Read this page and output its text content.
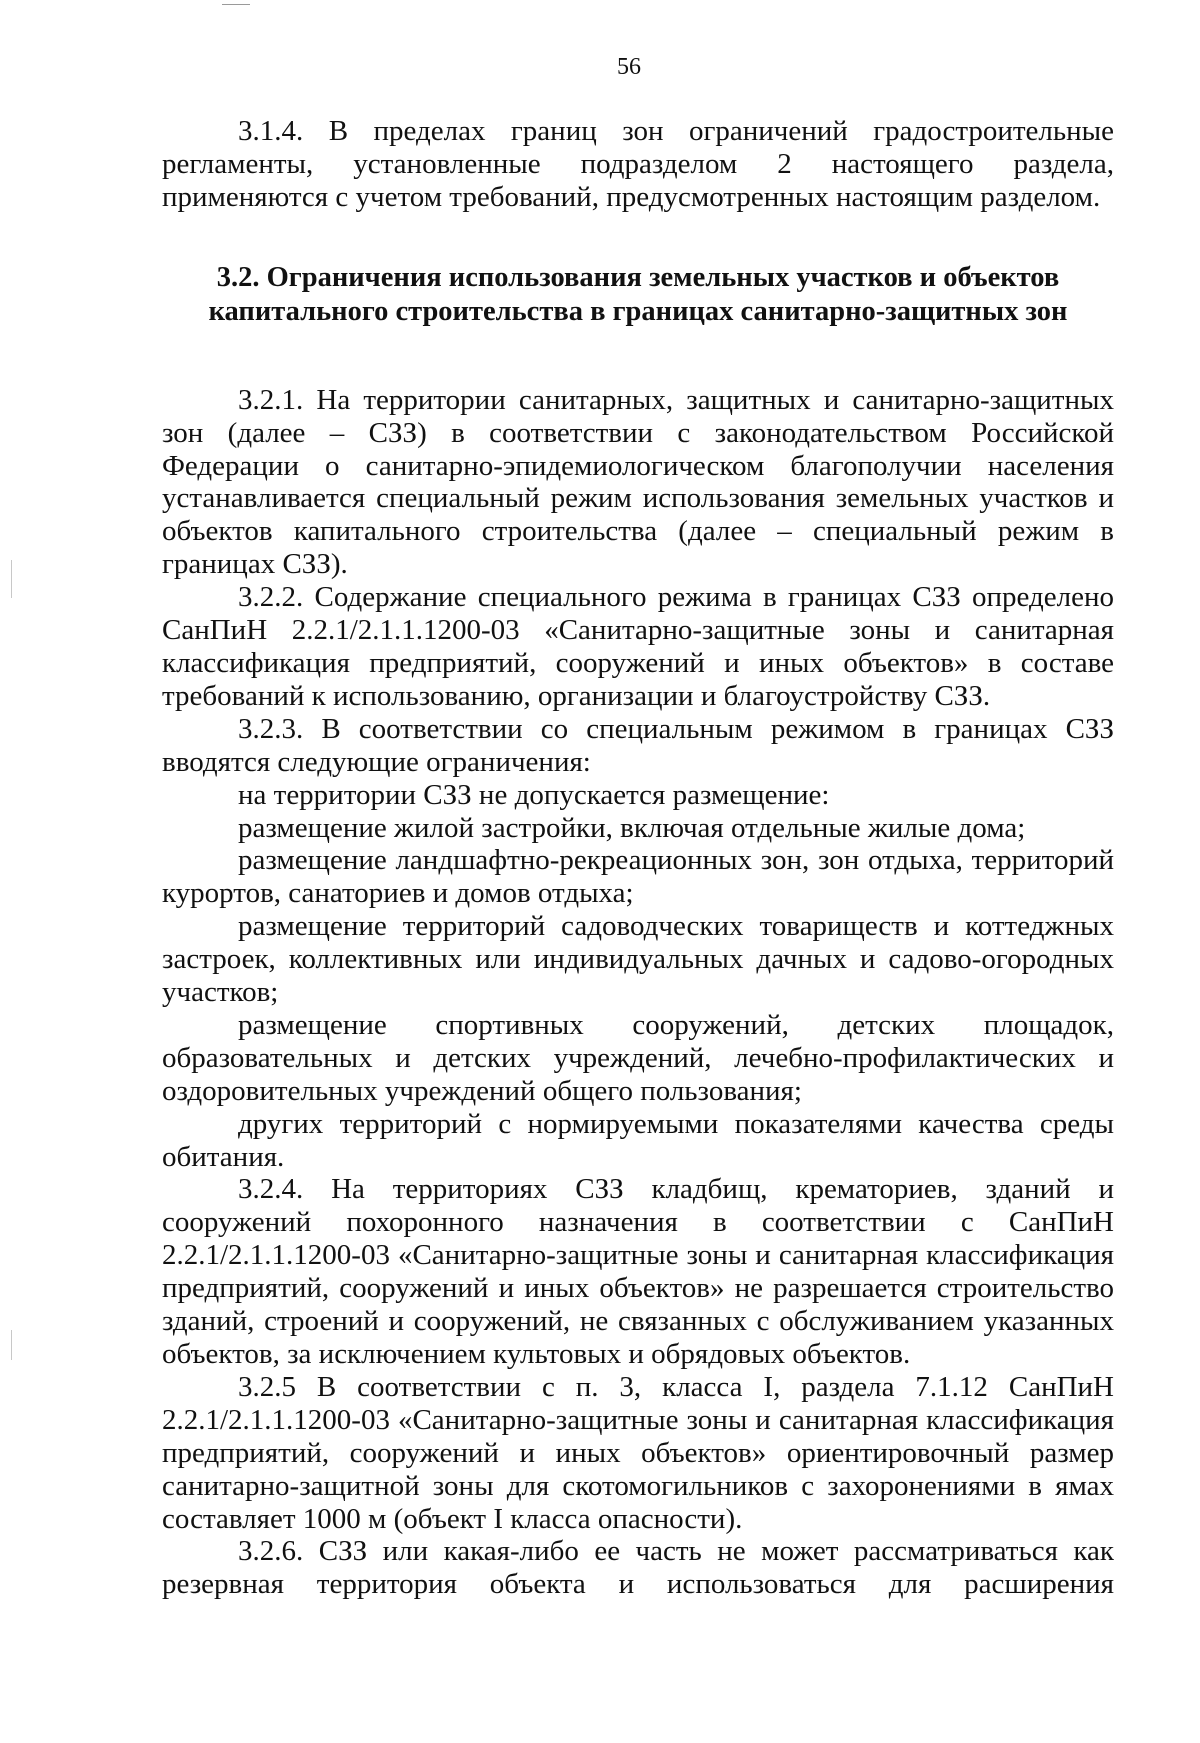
56

3.1.4. В пределах границ зон ограничений градостроительные регламенты, установленные подразделом 2 настоящего раздела, применяются с учетом требований, предусмотренных настоящим разделом.

3.2. Ограничения использования земельных участков и объектов
капитального строительства в границах санитарно-защитных зон

3.2.1. На территории санитарных, защитных и санитарно-защитных зон (далее – СЗЗ) в соответствии с законодательством Российской Федерации о санитарно-эпидемиологическом благополучии населения устанавливается специальный режим использования земельных участков и объектов капитального строительства (далее – специальный режим в границах СЗЗ).

3.2.2. Содержание специального режима в границах СЗЗ определено СанПиН 2.2.1/2.1.1.1200-03 «Санитарно-защитные зоны и санитарная классификация предприятий, сооружений и иных объектов» в составе требований к использованию, организации и благоустройству СЗЗ.

3.2.3. В соответствии со специальным режимом в границах СЗЗ вводятся следующие ограничения:

на территории СЗЗ не допускается размещение:

размещение жилой застройки, включая отдельные жилые дома;

размещение ландшафтно-рекреационных зон, зон отдыха, территорий курортов, санаториев и домов отдыха;

размещение территорий садоводческих товариществ и коттеджных застроек, коллективных или индивидуальных дачных и садово-огородных участков;

размещение спортивных сооружений, детских площадок, образовательных и детских учреждений, лечебно-профилактических и оздоровительных учреждений общего пользования;

других территорий с нормируемыми показателями качества среды обитания.

3.2.4. На территориях СЗЗ кладбищ, крематориев, зданий и сооружений похоронного назначения в соответствии с СанПиН 2.2.1/2.1.1.1200-03 «Санитарно-защитные зоны и санитарная классификация предприятий, сооружений и иных объектов» не разрешается строительство зданий, строений и сооружений, не связанных с обслуживанием указанных объектов, за исключением культовых и обрядовых объектов.

3.2.5 В соответствии с п. 3, класса I, раздела 7.1.12 СанПиН 2.2.1/2.1.1.1200-03 «Санитарно-защитные зоны и санитарная классификация предприятий, сооружений и иных объектов» ориентировочный размер санитарно-защитной зоны для скотомогильников с захоронениями в ямах составляет 1000 м (объект I класса опасности).

3.2.6. СЗЗ или какая-либо ее часть не может рассматриваться как резервная территория объекта и использоваться для расширения
